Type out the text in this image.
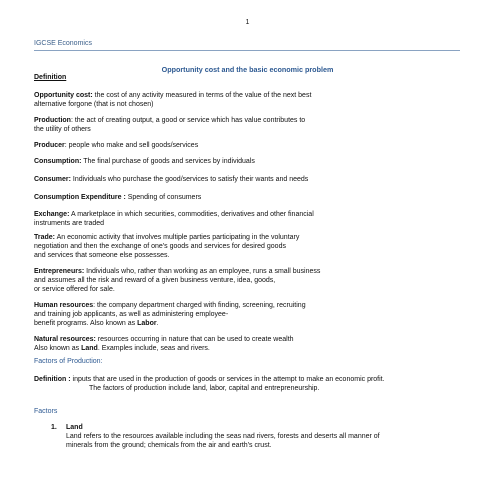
1
IGCSE Economics
Opportunity cost and the basic economic problem
Definition
Opportunity cost: the cost of any activity measured in terms of the value of the next best
alternative forgone (that is not chosen)
Production: the act of creating output, a good or service which has value contributes to
the utility of others
Producer: people who make and sell goods/services
Consumption: The final purchase of goods and services by individuals
Consumer: Individuals who purchase the good/services to satisfy their wants and needs
Consumption Expenditure : Spending of consumers
Exchange: A marketplace in which securities, commodities, derivatives and other financial
instruments are traded
Trade: An economic activity that involves multiple parties participating in the voluntary
negotiation and then the exchange of one's goods and services for desired goods
and services that someone else possesses.
Entrepreneurs: Individuals who, rather than working as an employee, runs a small business
and assumes all the risk and reward of a given business venture, idea, goods,
or service offered for sale.
Human resources: the company department charged with finding, screening, recruiting
and training job applicants, as well as administering employee-
benefit programs. Also known as Labor.
Natural resources: resources occurring in nature that can be used to create wealth
Also known as Land. Examples include, seas and rivers.
Factors of Production:
Definition : inputs that are used in the production of goods or services in the attempt to make an economic profit.
The factors of production include land, labor, capital and entrepreneurship.
Factors
1. Land
Land refers to the resources available including the seas nad rivers, forests and deserts all manner of
minerals from the ground; chemicals from the air and earth's crust.
